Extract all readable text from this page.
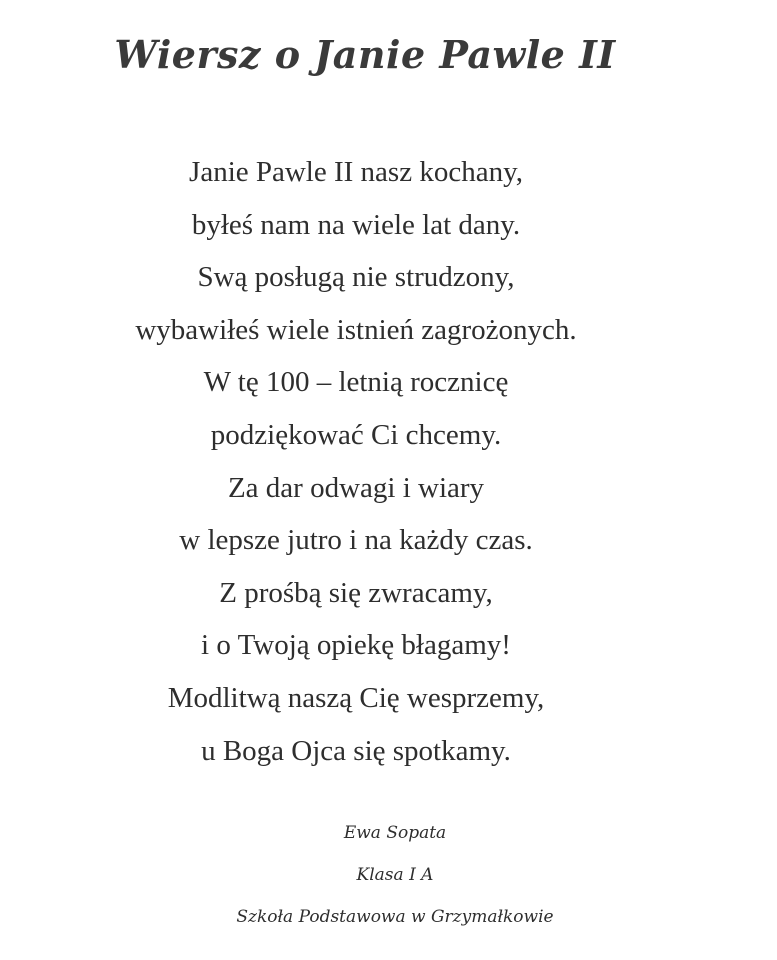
Wiersz o Janie Pawle II
Janie Pawle II nasz kochany,
byłeś nam na wiele lat dany.
Swą posługą nie strudzony,
wybawiłeś wiele istnień zagrożonych.
W tę 100 – letnią rocznicę
podziękować Ci chcemy.
Za dar odwagi i wiary
w lepsze jutro i na każdy czas.
Z prośbą się zwracamy,
i o Twoją opiekę błagamy!
Modlitwą naszą Cię wesprzemy,
u Boga Ojca się spotkamy.
Ewa Sopata
Klasa I A
Szkoła Podstawowa w Grzymałkowie
